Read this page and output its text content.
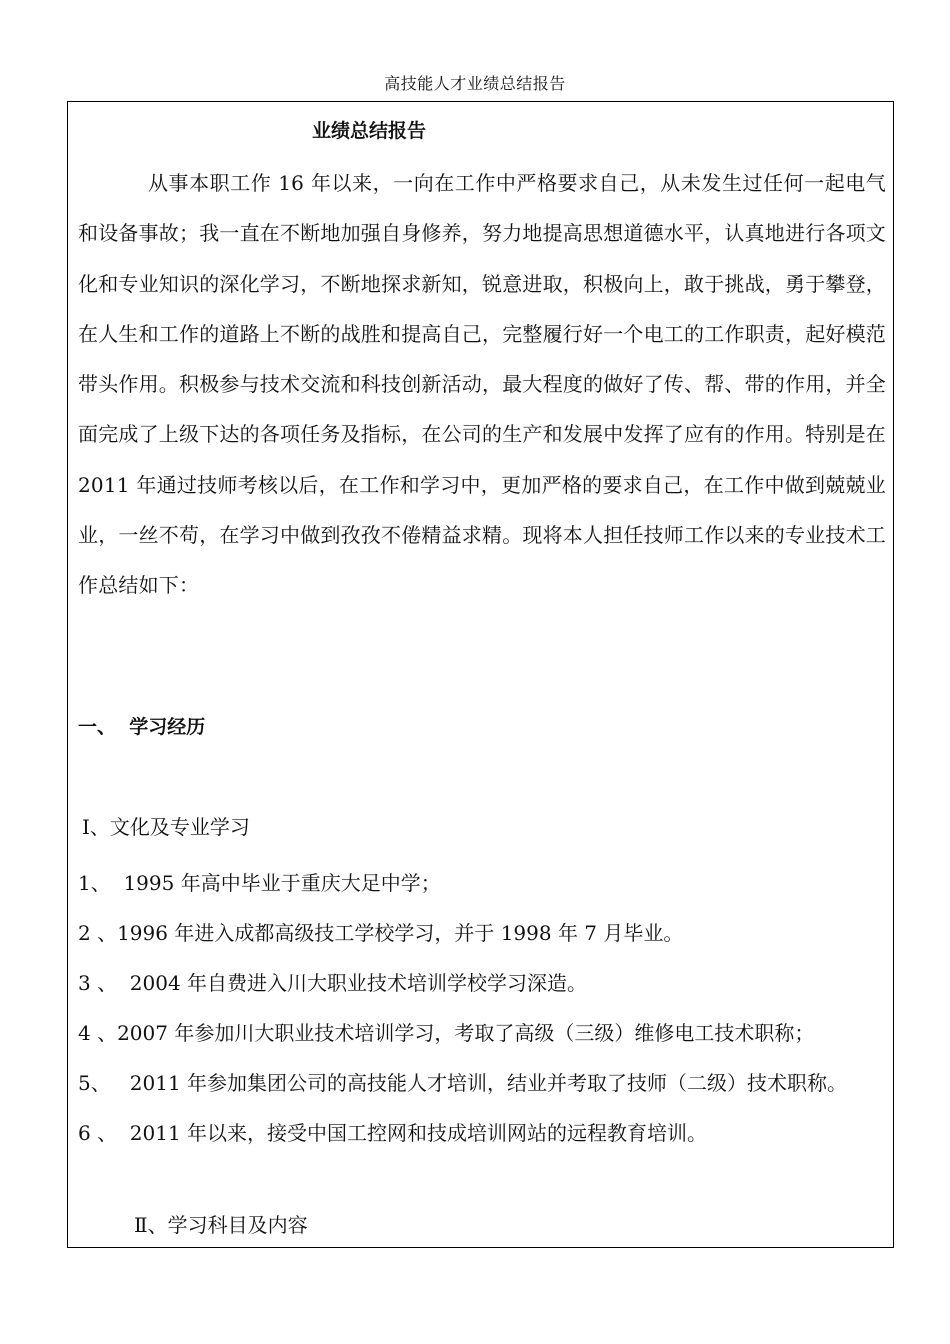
高技能人才业绩总结报告
业绩总结报告

从事本职工作 16 年以来，一向在工作中严格要求自己，从未发生过任何一起电气和设备事故；我一直在不断地加强自身修养，努力地提高思想道德水平，认真地进行各项文化和专业知识的深化学习，不断地探求新知，锐意进取，积极向上，敢于挑战，勇于攀登，在人生和工作的道路上不断的战胜和提高自己，完整履行好一个电工的工作职责，起好模范带头作用。积极参与技术交流和科技创新活动，最大程度的做好了传、帮、带的作用，并全面完成了上级下达的各项任务及指标，在公司的生产和发展中发挥了应有的作用。特别是在 2011 年通过技师考核以后，在工作和学习中，更加严格的要求自己，在工作中做到兢兢业业，一丝不苟，在学习中做到孜孜不倦精益求精。现将本人担任技师工作以来的专业技术工作总结如下：

一、  学习经历
Ⅰ、文化及专业学习
1、  1995 年高中毕业于重庆大足中学；
2 、1996 年进入成都高级技工学校学习，并于 1998 年 7 月毕业。
3 、  2004 年自费进入川大职业技术培训学校学习深造。
4 、2007 年参加川大职业技术培训学习，考取了高级（三级）维修电工技术职称；
5、   2011 年参加集团公司的高技能人才培训，结业并考取了技师（二级）技术职称。
6 、  2011 年以来，接受中国工控网和技成培训网站的远程教育培训。
Ⅱ、学习科目及内容
